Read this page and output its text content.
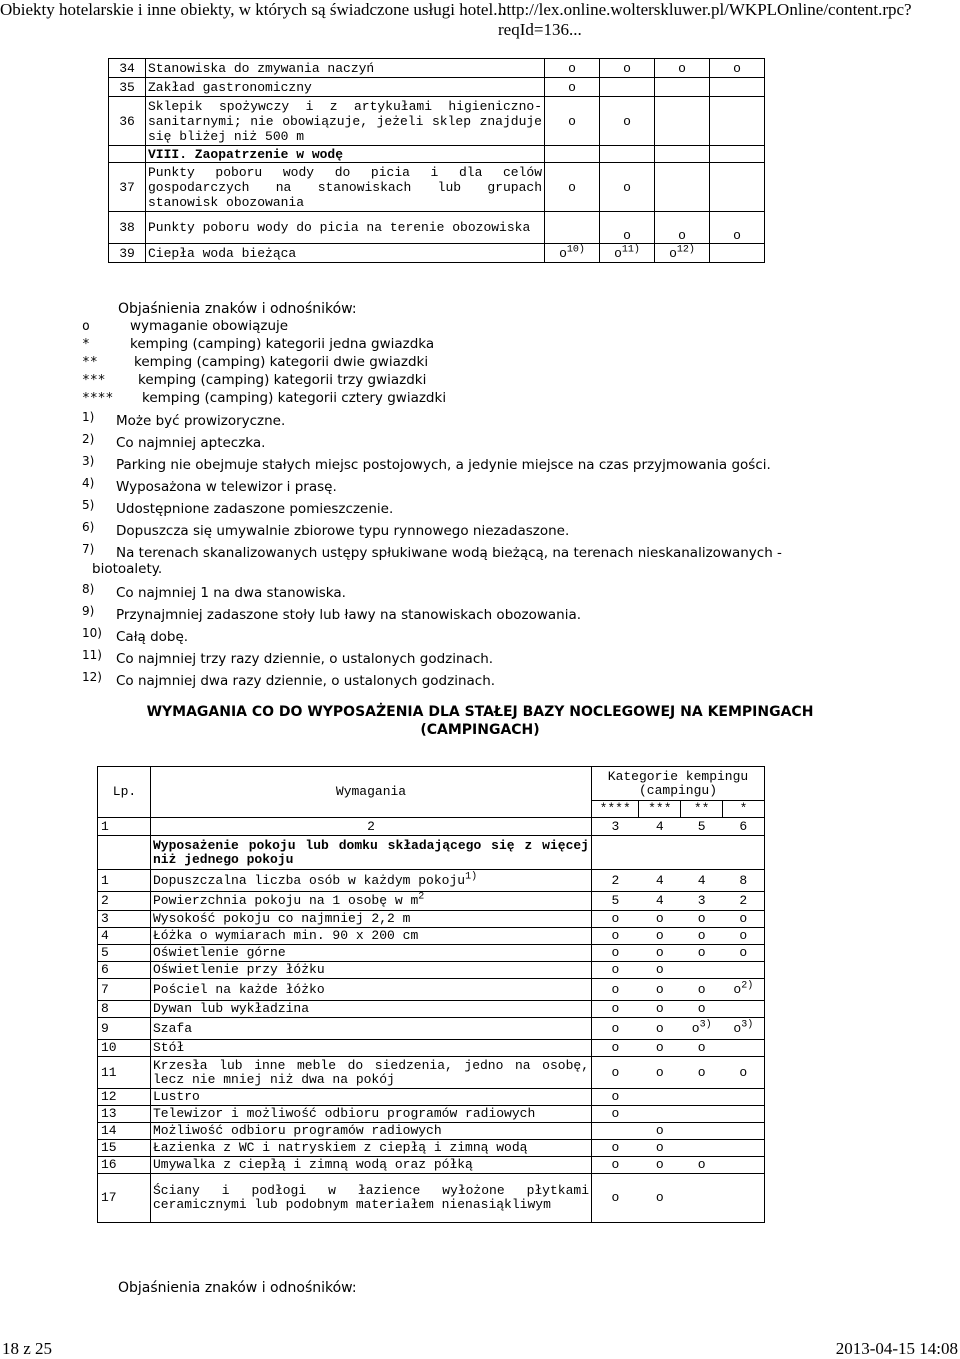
Obiekty hotelarskie i inne obiekty, w których są świadczone usługi hotel...
http://lex.online.wolterskluwer.pl/WKPLOnline/content.rpc?reqId=136...
34	Stanowiska do zmywania naczyń	o	o	o	o
35	Zakład gastronomiczny	o			
36	Sklepik spożywczy i z artykułami higieniczno-sanitarnymi; nie obowiązuje, jeżeli sklep znajduje się bliżej niż 500 m	o	o		
	VIII. Zaopatrzenie w wodę				
37	Punkty poboru wody do picia i dla celów gospodarczych na stanowiskach lub grupach stanowisk obozowania	o	o		
38	Punkty poboru wody do picia na terenie obozowiska		o	o	o
39	Ciepła woda bieżąca	$o^{10)}$	$o^{11)}$	$o^{12)}$	
Objaśnienia znaków i odnośników:
o	wymaganie obowiązuje
*	kemping (camping) kategorii jedna gwiazdka
**	kemping (camping) kategorii dwie gwiazdki
*** kemping (camping) kategorii trzy gwiazdki
**** kemping (camping) kategorii cztery gwiazdki
1) Może być prowizoryczne.
2) Co najmniej apteczka.
3) Parking nie obejmuje stałych miejsc postojowych, a jedynie miejsce na czas przyjmowania gości.
4) Wyposażona w telewizor i prasę.
5) Udostępnione zadaszone pomieszczenie.
6) Dopuszcza się umywalnie zbiorowe typu rynnowego niezadaszone.
7) Na terenach skanalizowanych ustępy spłukiwane wodą bieżącą, na terenach nieskanalizowanych -
biotoalety.
8) Co najmniej 1 na dwa stanowiska.
9) Przynajmniej zadaszone stoły lub ławy na stanowiskach obozowania.
10) Całą dobę.
11) Co najmniej trzy razy dziennie, o ustalonych godzinach.
12) Co najmniej dwa razy dziennie, o ustalonych godzinach.
WYMAGANIA CO DO WYPOSAŻENIA DLA STAŁEJ BAZY NOCLEGOWEJ NA KEMPINGACH
(CAMPINGACH)
Lp.	Wymagania	Kategorie kempingu (campingu)			
		****	***	**	*
1	2	3	4	5	6
	Wyposażenie pokoju lub domku składającego się z więcej niż jednego pokoju				
1	Dopuszczalna liczba osób w każdym pokoju$^{1)}$	2	4	4	8
2	Powierzchnia pokoju na 1 osobę w $m^2$	5	4	3	2
3	Wysokość pokoju co najmniej 2,2 m	o	o	o	o
4	Łóżka o wymiarach min. 90 x 200 cm	o	o	o	o
5	Oświetlenie górne	o	o	o	o
6	Oświetlenie przy łóżku	o	o		
7	Pościel na każde łóżko	o	o	o	$o^{2)}$
8	Dywan lub wykładzina	o	o	o	
9	Szafa	o	o	$o^{3)}$	$o^{3)}$
10	Stół	o	o	o	
11	Krzesła lub inne meble do siedzenia, jedno na osobę, lecz nie mniej niż dwa na pokój	o	o	o	o
12	Lustro	o			
13	Telewizor i możliwość odbioru programów radiowych	o			
14	Możliwość odbioru programów radiowych		o		
15	Łazienka z WC i natryskiem z ciepłą i zimną wodą	o	o		
16	Umywalka z ciepłą i zimną wodą oraz półką	o	o	o	
17	Ściany i podłogi w łazience wyłożone płytkami ceramicznymi lub podobnym materiałem nienasiąkliwym	o	o		
Objaśnienia znaków i odnośników:
18 z 25	2013-04-15 14:08
